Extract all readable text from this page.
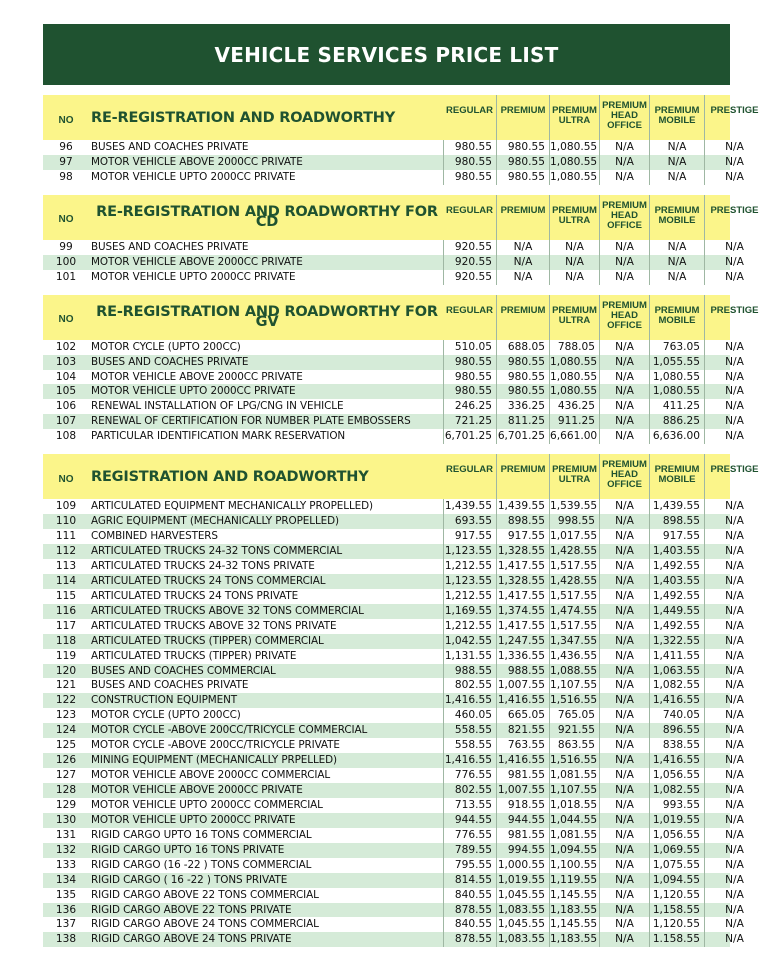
VEHICLE SERVICES PRICE LIST
NO	RE-REGISTRATION AND ROADWORTHY	REGULAR PREMIUM PREMIUM ULTRA
PREMIUM HEAD OFFICE
PREMIUM MOBILE
PRESTIGE
96	BUSES AND COACHES PRIVATE	980.55	980.55 1,080.55	N/A	N/A	N/A
97	MOTOR VEHICLE ABOVE 2000CC PRIVATE	980.55	980.55 1,080.55	N/A	N/A	N/A
98	MOTOR VEHICLE UPTO 2000CC PRIVATE	980.55	980.55 1,080.55	N/A	N/A	N/A
NO	RE-REGISTRATION AND ROADWORTHY FOR CD
REGULAR PREMIUM PREMIUM ULTRA
PREMIUM HEAD OFFICE
PREMIUM MOBILE
PRESTIGE
99	BUSES AND COACHES PRIVATE	920.55	N/A	N/A	N/A	N/A	N/A
100	MOTOR VEHICLE ABOVE 2000CC PRIVATE	920.55	N/A	N/A	N/A	N/A	N/A
101	MOTOR VEHICLE UPTO 2000CC PRIVATE	920.55	N/A	N/A	N/A	N/A	N/A
NO	RE-REGISTRATION AND ROADWORTHY FOR GV
REGULAR PREMIUM PREMIUM ULTRA
PREMIUM HEAD OFFICE
PREMIUM MOBILE
PRESTIGE
102	MOTOR CYCLE (UPTO 200CC)	510.05	688.05	788.05	N/A	763.05	N/A
103	BUSES AND COACHES PRIVATE	980.55	980.55 1,080.55	N/A	1,055.55	N/A
104	MOTOR VEHICLE ABOVE 2000CC PRIVATE	980.55	980.55 1,080.55	N/A	1,080.55	N/A
105	MOTOR VEHICLE UPTO 2000CC PRIVATE	980.55	980.55 1,080.55	N/A	1,080.55	N/A
106	RENEWAL INSTALLATION OF LPG/CNG IN VEHICLE	246.25	336.25	436.25	N/A	411.25	N/A
107	RENEWAL OF CERTIFICATION FOR NUMBER PLATE EMBOSSERS	721.25	811.25	911.25	N/A	886.25	N/A
108	PARTICULAR IDENTIFICATION MARK RESERVATION	6,701.25 6,701.25 6,661.00	N/A	6,636.00	N/A
NO	REGISTRATION AND ROADWORTHY	REGULAR PREMIUM PREMIUM ULTRA
PREMIUM HEAD OFFICE
PREMIUM MOBILE
PRESTIGE
109	ARTICULATED EQUIPMENT MECHANICALLY PROPELLED)	1,439.55 1,439.55 1,539.55	N/A	1,439.55	N/A
110	AGRIC EQUIPMENT (MECHANICALLY PROPELLED)	693.55	898.55	998.55	N/A	898.55	N/A
111	COMBINED HARVESTERS	917.55	917.55 1,017.55	N/A	917.55	N/A
112	ARTICULATED TRUCKS 24-32 TONS COMMERCIAL	1,123.55 1,328.55 1,428.55	N/A	1,403.55	N/A
113	ARTICULATED TRUCKS 24-32 TONS PRIVATE	1,212.55 1,417.55 1,517.55	N/A	1,492.55	N/A
114	ARTICULATED TRUCKS 24 TONS COMMERCIAL	1,123.55 1,328.55 1,428.55	N/A	1,403.55	N/A
115	ARTICULATED TRUCKS 24 TONS PRIVATE	1,212.55 1,417.55 1,517.55	N/A	1,492.55	N/A
116	ARTICULATED TRUCKS ABOVE 32 TONS COMMERCIAL	1,169.55 1,374.55 1,474.55	N/A	1,449.55	N/A
117	ARTICULATED TRUCKS ABOVE 32 TONS PRIVATE	1,212.55 1,417.55 1,517.55	N/A	1,492.55	N/A
118	ARTICULATED TRUCKS (TIPPER) COMMERCIAL	1,042.55 1,247.55 1,347.55	N/A	1,322.55	N/A
119	ARTICULATED TRUCKS (TIPPER) PRIVATE	1,131.55 1,336.55 1,436.55	N/A	1,411.55	N/A
120	BUSES AND COACHES COMMERCIAL	988.55	988.55 1,088.55	N/A	1,063.55	N/A
121	BUSES AND COACHES PRIVATE	802.55 1,007.55 1,107.55	N/A	1,082.55	N/A
122	CONSTRUCTION EQUIPMENT	1,416.55 1,416.55 1,516.55	N/A	1,416.55	N/A
123	MOTOR CYCLE (UPTO 200CC)	460.05	665.05	765.05	N/A	740.05	N/A
124	MOTOR CYCLE -ABOVE 200CC/TRICYCLE COMMERCIAL	558.55	821.55	921.55	N/A	896.55	N/A
125	MOTOR CYCLE -ABOVE 200CC/TRICYCLE PRIVATE	558.55	763.55	863.55	N/A	838.55	N/A
126	MINING EQUIPMENT (MECHANICALLY PRPELLED)	1,416.55 1,416.55 1,516.55	N/A	1,416.55	N/A
127	MOTOR VEHICLE ABOVE 2000CC COMMERCIAL	776.55	981.55 1,081.55	N/A	1,056.55	N/A
128	MOTOR VEHICLE ABOVE 2000CC PRIVATE	802.55 1,007.55 1,107.55	N/A	1,082.55	N/A
129	MOTOR VEHICLE UPTO 2000CC COMMERCIAL	713.55	918.55 1,018.55	N/A	993.55	N/A
130	MOTOR VEHICLE UPTO 2000CC PRIVATE	944.55	944.55 1,044.55	N/A	1,019.55	N/A
131	RIGID CARGO UPTO 16 TONS COMMERCIAL	776.55	981.55 1,081.55	N/A	1,056.55	N/A
132	RIGID CARGO UPTO 16 TONS PRIVATE	789.55	994.55 1,094.55	N/A	1,069.55	N/A
133	RIGID CARGO (16 -22 ) TONS COMMERCIAL	795.55 1,000.55 1,100.55	N/A	1,075.55	N/A
134	RIGID CARGO ( 16 -22 ) TONS PRIVATE	814.55 1,019.55 1,119.55	N/A	1,094.55	N/A
135	RIGID CARGO ABOVE 22 TONS COMMERCIAL	840.55 1,045.55 1,145.55	N/A	1,120.55	N/A
136	RIGID CARGO ABOVE 22 TONS PRIVATE	878.55 1,083.55 1,183.55	N/A	1,158.55	N/A
137	RIGID CARGO ABOVE 24 TONS COMMERCIAL	840.55 1,045.55 1,145.55	N/A	1,120.55	N/A
138	RIGID CARGO ABOVE 24 TONS PRIVATE	878.55 1,083.55 1,183.55	N/A	1.158.55	N/A
